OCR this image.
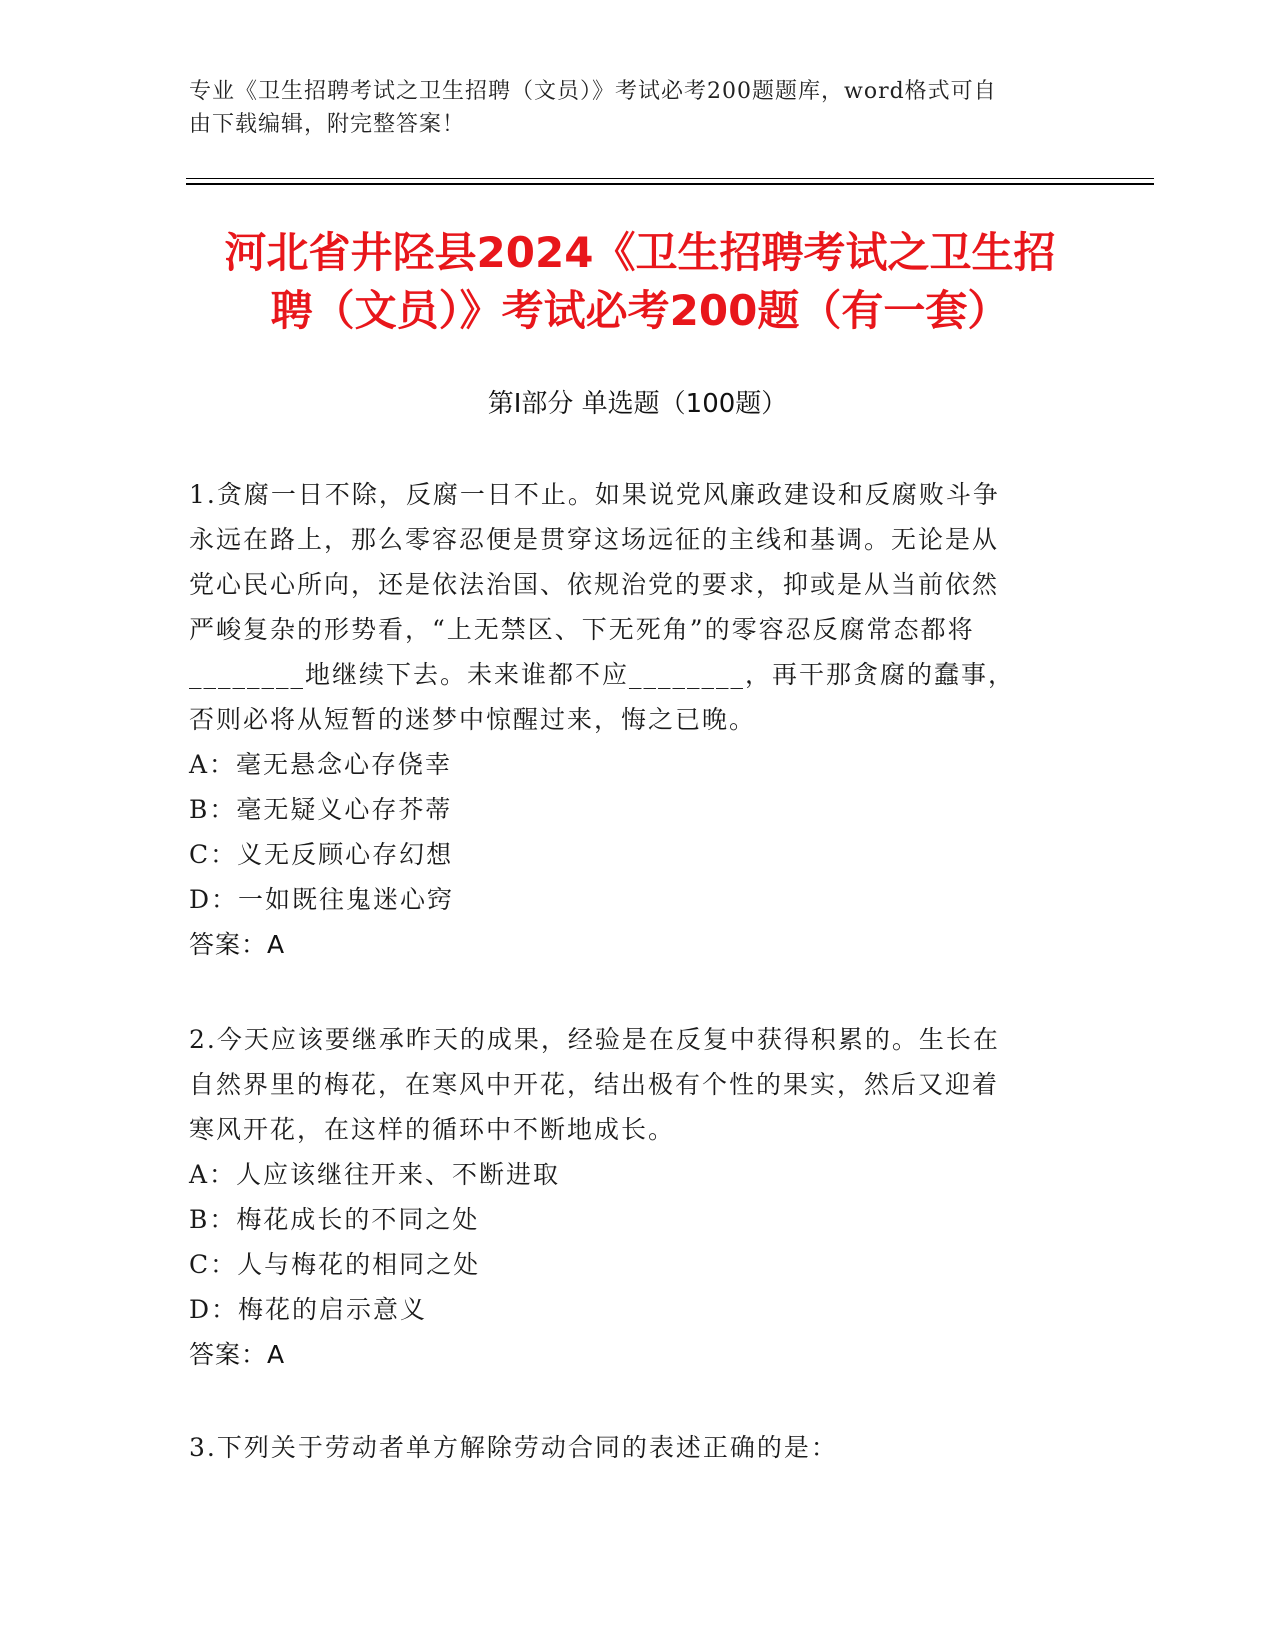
专业《卫生招聘考试之卫生招聘（文员）》考试必考200题题库，word格式可自
由下载编辑，附完整答案！
河北省井陉县2024《卫生招聘考试之卫生招
聘（文员）》考试必考200题（有一套）
第Ⅰ部分 单选题（100题）
1.贪腐一日不除，反腐一日不止。如果说党风廉政建设和反腐败斗争
永远在路上，那么零容忍便是贯穿这场远征的主线和基调。无论是从
党心民心所向，还是依法治国、依规治党的要求，抑或是从当前依然
严峻复杂的形势看，“上无禁区、下无死角”的零容忍反腐常态都将
________地继续下去。未来谁都不应________，再干那贪腐的蠢事，
否则必将从短暂的迷梦中惊醒过来，悔之已晚。
A：毫无悬念心存侥幸
B：毫无疑义心存芥蒂
C：义无反顾心存幻想
D：一如既往鬼迷心窍
答案：A
2.今天应该要继承昨天的成果，经验是在反复中获得积累的。生长在
自然界里的梅花，在寒风中开花，结出极有个性的果实，然后又迎着
寒风开花，在这样的循环中不断地成长。
A：人应该继往开来、不断进取
B：梅花成长的不同之处
C：人与梅花的相同之处
D：梅花的启示意义
答案：A
3.下列关于劳动者单方解除劳动合同的表述正确的是：
